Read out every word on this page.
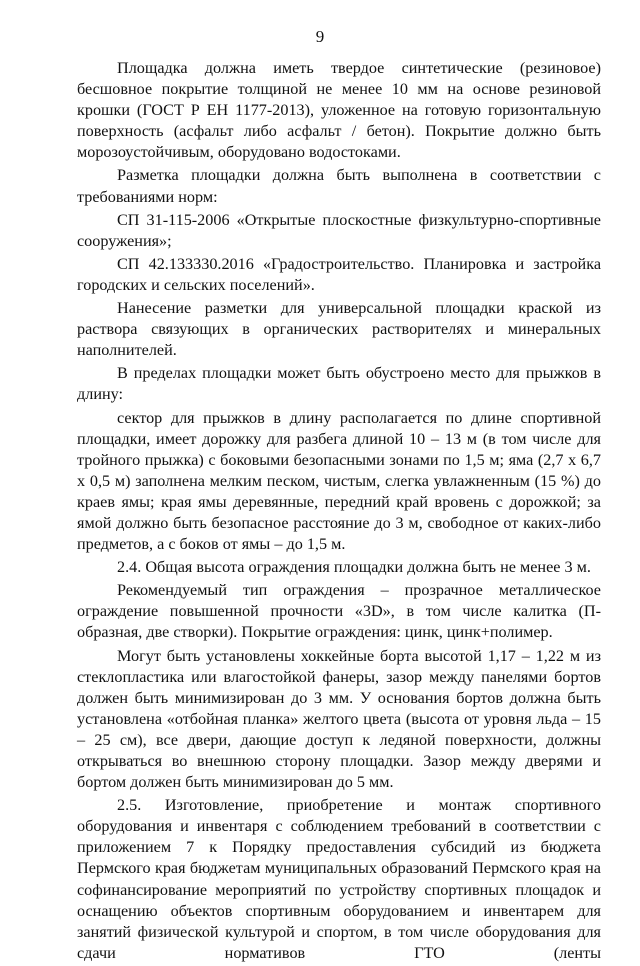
9

Площадка должна иметь твердое синтетические (резиновое) бесшовное покрытие толщиной не менее 10 мм на основе резиновой крошки (ГОСТ Р ЕН 1177-2013), уложенное на готовую горизонтальную поверхность (асфальт либо асфальт / бетон). Покрытие должно быть морозоустойчивым, оборудовано водостоками.

Разметка площадки должна быть выполнена в соответствии с требованиями норм:

СП 31-115-2006 «Открытые плоскостные физкультурно-спортивные сооружения»;

СП 42.133330.2016 «Градостроительство. Планировка и застройка городских и сельских поселений».

Нанесение разметки для универсальной площадки краской из раствора связующих в органических растворителях и минеральных наполнителей.

В пределах площадки может быть обустроено место для прыжков в длину:

сектор для прыжков в длину располагается по длине спортивной площадки, имеет дорожку для разбега длиной 10 – 13 м (в том числе для тройного прыжка) с боковыми безопасными зонами по 1,5 м; яма (2,7 x 6,7 x 0,5 м) заполнена мелким песком, чистым, слегка увлажненным (15 %) до краев ямы; края ямы деревянные, передний край вровень с дорожкой; за ямой должно быть безопасное расстояние до 3 м, свободное от каких-либо предметов, а с боков от ямы – до 1,5 м.

2.4. Общая высота ограждения площадки должна быть не менее 3 м.

Рекомендуемый тип ограждения – прозрачное металлическое ограждение повышенной прочности «3D», в том числе калитка (П-образная, две створки). Покрытие ограждения: цинк, цинк+полимер.

Могут быть установлены хоккейные борта высотой 1,17 – 1,22 м из стеклопластика или влагостойкой фанеры, зазор между панелями бортов должен быть минимизирован до 3 мм. У основания бортов должна быть установлена «отбойная планка» желтого цвета (высота от уровня льда – 15 – 25 см), все двери, дающие доступ к ледяной поверхности, должны открываться во внешнюю сторону площадки. Зазор между дверями и бортом должен быть минимизирован до 5 мм.

2.5. Изготовление, приобретение и монтаж спортивного оборудования и инвентаря с соблюдением требований в соответствии с приложением 7 к Порядку предоставления субсидий из бюджета Пермского края бюджетам муниципальных образований Пермского края на софинансирование мероприятий по устройству спортивных площадок и оснащению объектов спортивным оборудованием и инвентарем для занятий физической культурой и спортом, в том числе оборудования для сдачи нормативов ГТО (ленты
